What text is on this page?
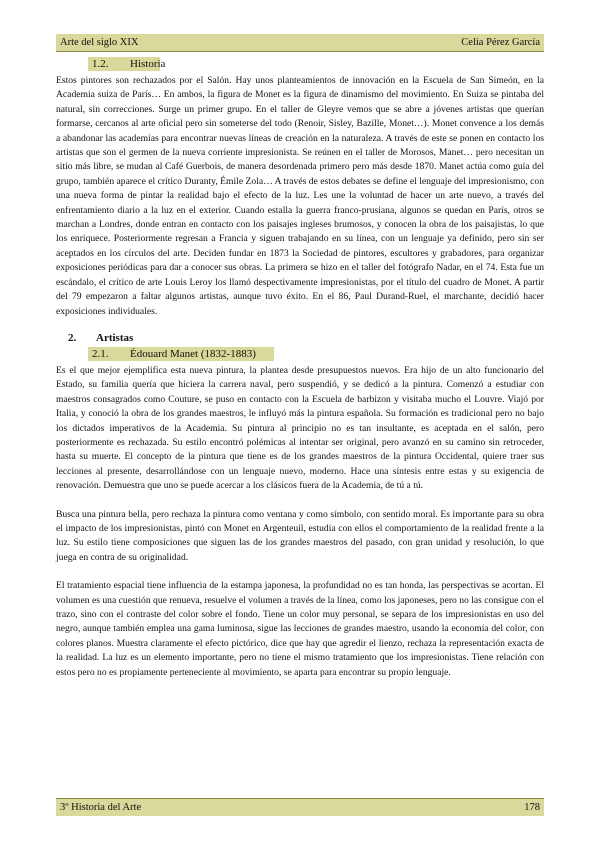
Arte del siglo XIX	Celia Pérez García
1.2. Historia

Estos pintores son rechazados por el Salón. Hay unos planteamientos de innovación en la Escuela de San Simeón, en la Academia suiza de París… En ambos, la figura de Monet es la figura de dinamismo del movimiento. En Suiza se pintaba del natural, sin correcciones. Surge un primer grupo. En el taller de Gleyre vemos que se abre a jóvenes artistas que querían formarse, cercanos al arte oficial pero sin someterse del todo (Renoir, Sisley, Bazille, Monet…). Monet convence a los demás a abandonar las academias para encontrar nuevas líneas de creación en la naturaleza. A través de este se ponen en contacto los artistas que son el germen de la nueva corriente impresionista. Se reúnen en el taller de Morosos, Manet… pero necesitan un sitio más libre, se mudan al Café Guerbois, de manera desordenada primero pero más desde 1870. Manet actúa como guía del grupo, también aparece el crítico Duranty, Émile Zola… A través de estos debates se define el lenguaje del impresionismo, con una nueva forma de pintar la realidad bajo el efecto de la luz. Les une la voluntad de hacer un arte nuevo, a través del enfrentamiento diario a la luz en el exterior. Cuando estalla la guerra franco-prusiana, algunos se quedan en París, otros se marchan a Londres, donde entran en contacto con los paisajes ingleses brumosos, y conocen la obra de los paisajistas, lo que los enriquece. Posteriormente regresan a Francia y siguen trabajando en su línea, con un lenguaje ya definido, pero sin ser aceptados en los círculos del arte. Deciden fundar en 1873 la Sociedad de pintores, escultores y grabadores, para organizar exposiciones periódicas para dar a conocer sus obras. La primera se hizo en el taller del fotógrafo Nadar, en el 74. Esta fue un escándalo, el crítico de arte Louis Leroy los llamó despectivamente impresionistas, por el título del cuadro de Monet. A partir del 79 empezaron a faltar algunos artistas, aunque tuvo éxito. En el 86, Paul Durand-Ruel, el marchante, decidió hacer exposiciones individuales.

2. Artistas
2.1. Édouard Manet (1832-1883)

Es el que mejor ejemplifica esta nueva pintura, la plantea desde presupuestos nuevos. Era hijo de un alto funcionario del Estado, su familia quería que hiciera la carrera naval, pero suspendió, y se dedicó a la pintura. Comenzó a estudiar con maestros consagrados como Couture, se puso en contacto con la Escuela de barbizon y visitaba mucho el Louvre. Viajó por Italia, y conoció la obra de los grandes maestros, le influyó más la pintura española. Su formación es tradicional pero no bajo los dictados imperativos de la Academia. Su pintura al principio no es tan insultante, es aceptada en el salón, pero posteriormente es rechazada. Su estilo encontró polémicas al intentar ser original, pero avanzó en su camino sin retroceder, hasta su muerte. El concepto de la pintura que tiene es de los grandes maestros de la pintura Occidental, quiere traer sus lecciones al presente, desarrollándose con un lenguaje nuevo, moderno. Hace una síntesis entre estas y su exigencia de renovación. Demuestra que uno se puede acercar a los clásicos fuera de la Academia, de tú a tú.

Busca una pintura bella, pero rechaza la pintura como ventana y como símbolo, con sentido moral. Es importante para su obra el impacto de los impresionistas, pintó con Monet en Argenteuil, estudia con ellos el comportamiento de la realidad frente a la luz. Su estilo tiene composiciones que siguen las de los grandes maestros del pasado, con gran unidad y resolución, lo que juega en contra de su originalidad.

El tratamiento espacial tiene influencia de la estampa japonesa, la profundidad no es tan honda, las perspectivas se acortan. El volumen es una cuestión que renueva, resuelve el volumen a través de la línea, como los japoneses, pero no las consigue con el trazo, sino con el contraste del color sobre el fondo. Tiene un color muy personal, se separa de los impresionistas en uso del negro, aunque también emplea una gama luminosa, sigue las lecciones de grandes maestro, usando la economía del color, con colores planos. Muestra claramente el efecto pictórico, dice que hay que agredir el lienzo, rechaza la representación exacta de la realidad. La luz es un elemento importante, pero no tiene el mismo tratamiento que los impresionistas. Tiene relación con estos pero no es propiamente perteneciente al movimiento, se aparta para encontrar su propio lenguaje.

3º Historia del Arte	178
